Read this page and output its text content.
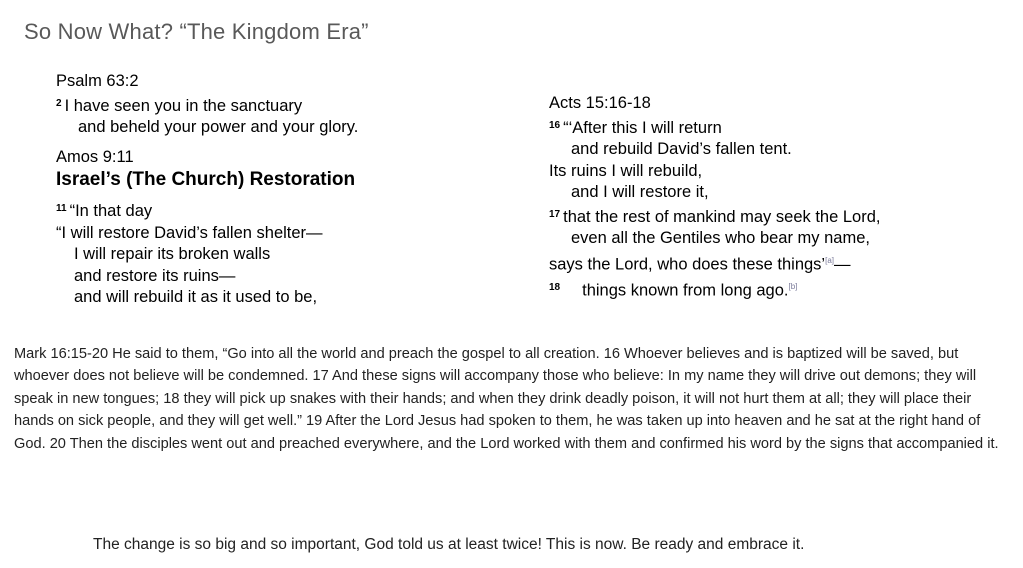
So Now What? “The Kingdom Era”
Psalm 63:2
$^2$ I have seen you in the sanctuary
and beheld your power and your glory.
Amos 9:11
Israel’s (The Church) Restoration
$^{11}$ “In that day
“I will restore David’s fallen shelter—
I will repair its broken walls
and restore its ruins—
and will rebuild it as it used to be,
Acts 15:16-18
$^{16}$ “‘After this I will return
and rebuild David’s fallen tent.
Its ruins I will rebuild,
and I will restore it,
$^{17}$ that the rest of mankind may seek the Lord,
even all the Gentiles who bear my name,
says the Lord, who does these things’[a]—
$^{18}$ things known from long ago.[b]
Mark 16:15-20 He said to them, “Go into all the world and preach the gospel to all creation. 16 Whoever believes and is baptized will be saved, but whoever does not believe will be condemned. 17 And these signs will accompany those who believe: In my name they will drive out demons; they will speak in new tongues; 18 they will pick up snakes with their hands; and when they drink deadly poison, it will not hurt them at all; they will place their hands on sick people, and they will get well.” 19 After the Lord Jesus had spoken to them, he was taken up into heaven and he sat at the right hand of God. 20 Then the disciples went out and preached everywhere, and the Lord worked with them and confirmed his word by the signs that accompanied it.
The change is so big and so important, God told us at least twice! This is now. Be ready and embrace it.
